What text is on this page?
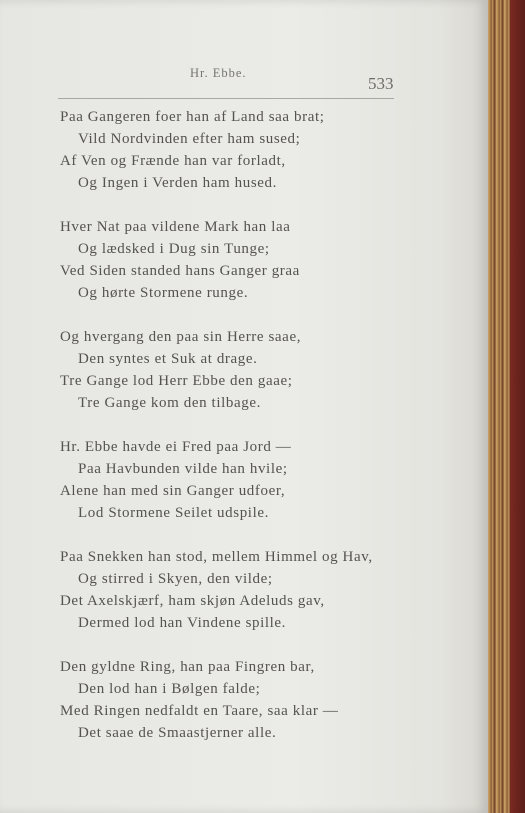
Hr. Ebbe.
533
Paa Gangeren foer han af Land saa brat;
Vild Nordvinden efter ham sused;
Af Ven og Frænde han var forladt,
Og Ingen i Verden ham hused.
Hver Nat paa vildene Mark han laa
Og lædsked i Dug sin Tunge;
Ved Siden standed hans Ganger graa
Og hørte Stormene runge.
Og hvergang den paa sin Herre saae,
Den syntes et Suk at drage.
Tre Gange lod Herr Ebbe den gaae;
Tre Gange kom den tilbage.
Hr. Ebbe havde ei Fred paa Jord —
Paa Havbunden vilde han hvile;
Alene han med sin Ganger udfoer,
Lod Stormene Seilet udspile.
Paa Snekken han stod, mellem Himmel og Hav,
Og stirred i Skyen, den vilde;
Det Axelskjærf, ham skjøn Adeluds gav,
Dermed lod han Vindene spille.
Den gyldne Ring, han paa Fingren bar,
Den lod han i Bølgen falde;
Med Ringen nedfaldt en Taare, saa klar —
Det saae de Smaastjerner alle.
